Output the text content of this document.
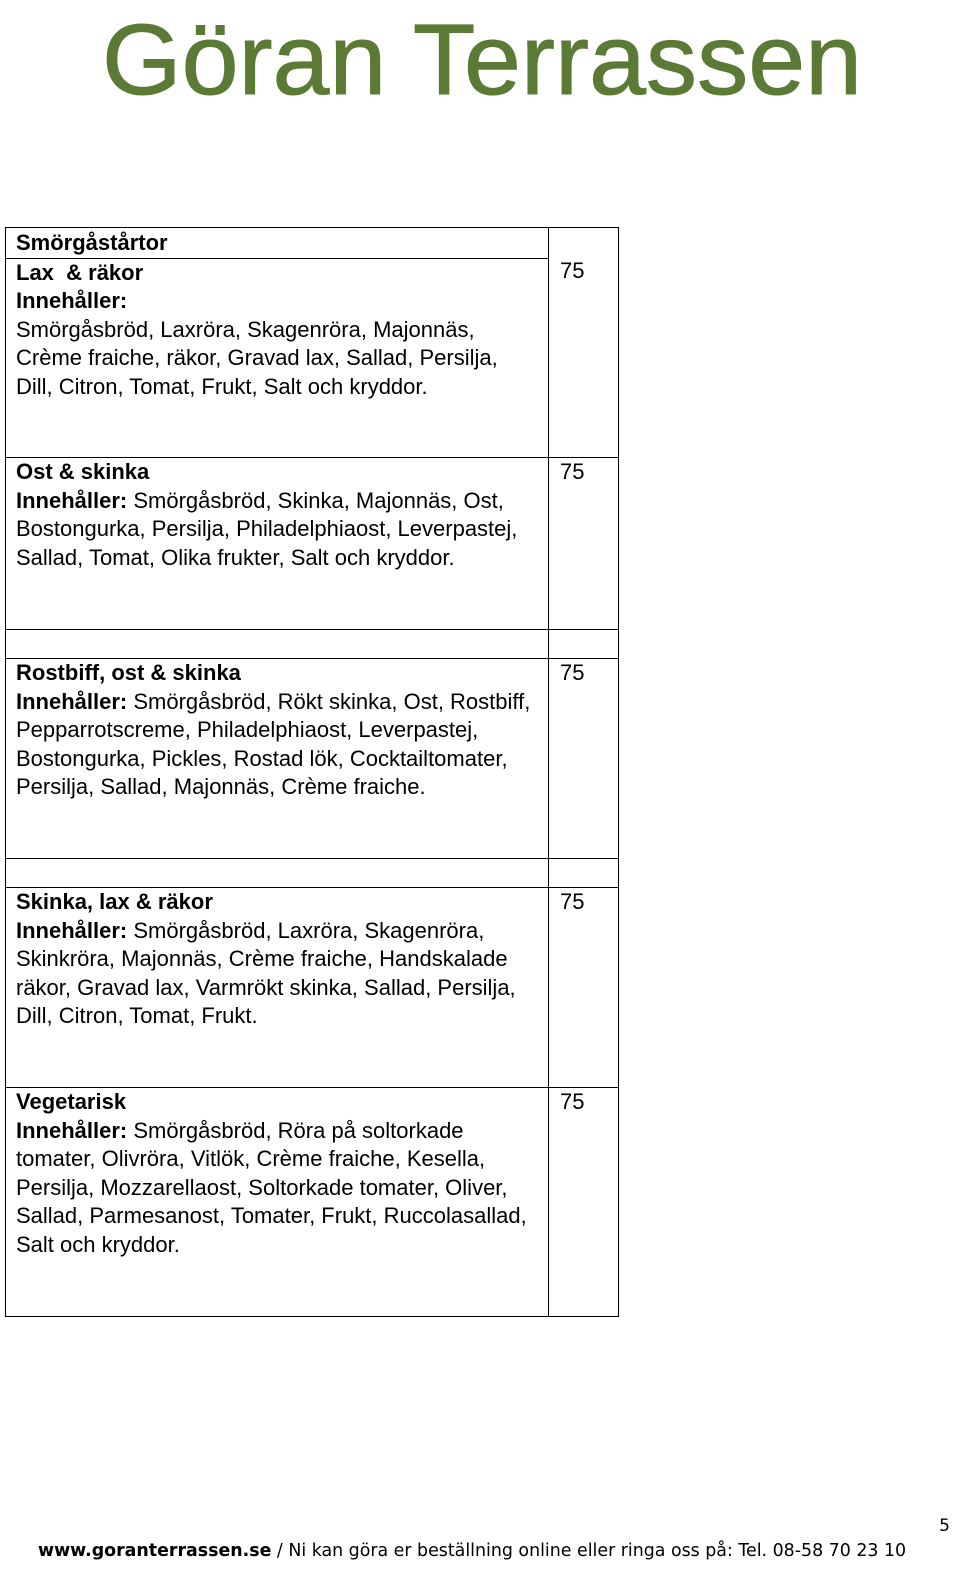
Göran Terrassen
Smörgåstårtor
Lax  & räkor
Innehåller:
Smörgåsbröd, Laxröra, Skagenröra, Majonnäs, Crème fraiche, räkor, Gravad lax, Sallad, Persilja, Dill, Citron, Tomat, Frukt, Salt och kryddor.	75

Ost & skinka
Innehåller: Smörgåsbröd, Skinka, Majonnäs, Ost, Bostongurka, Persilja, Philadelphiaost, Leverpastej, Sallad, Tomat, Olika frukter, Salt och kryddor.	75

Rostbiff, ost & skinka
Innehåller: Smörgåsbröd, Rökt skinka, Ost, Rostbiff, Pepparrotscreme, Philadelphiaost, Leverpastej, Bostongurka, Pickles, Rostad lök, Cocktailtomater, Persilja, Sallad, Majonnäs, Crème fraiche.	75

Skinka, lax & räkor
Innehåller: Smörgåsbröd, Laxröra, Skagenröra, Skinkröra, Majonnäs, Crème fraiche, Handskalade räkor, Gravad lax, Varmrökt skinka, Sallad, Persilja, Dill, Citron, Tomat, Frukt.	75

Vegetarisk
Innehåller: Smörgåsbröd, Röra på soltorkade tomater, Olivröra, Vitlök, Crème fraiche, Kesella, Persilja, Mozzarellaost, Soltorkade tomater, Oliver, Sallad, Parmesanost, Tomater, Frukt, Ruccolasallad, Salt och kryddor.	75
5
www.goranterrassen.se / Ni kan göra er beställning online eller ringa oss på: Tel. 08-58 70 23 10
